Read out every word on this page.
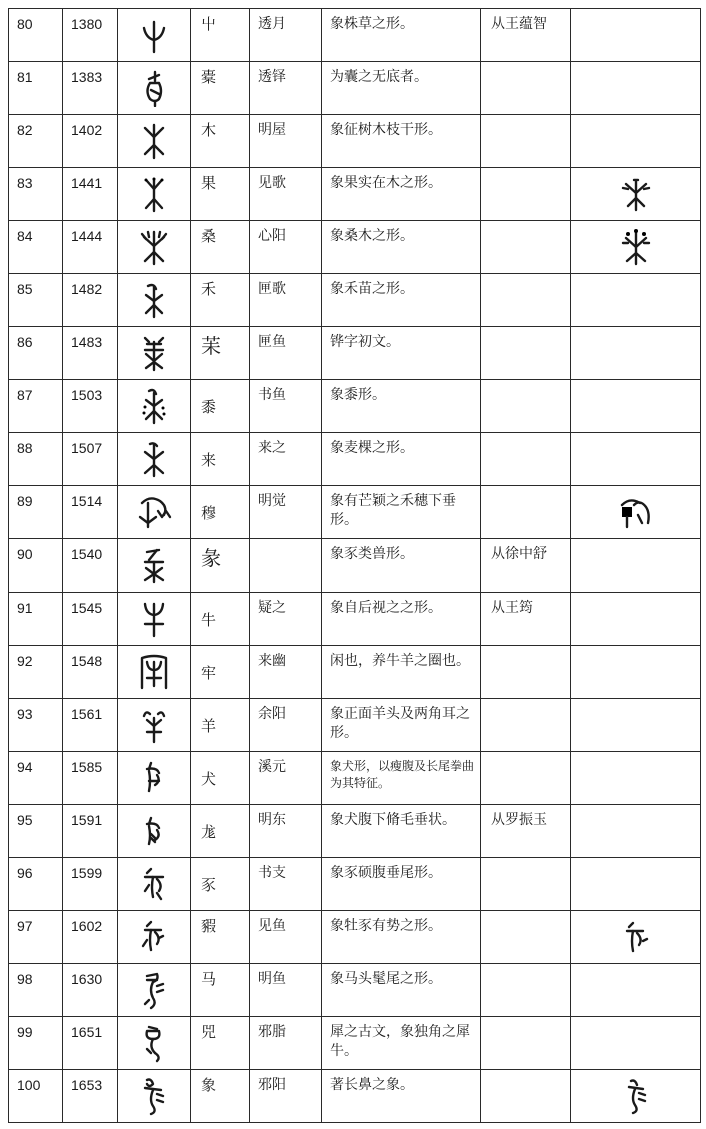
80	1380		屮	透月	象株草之形。	从王蕴智	
81	1383		橐	透铎	为囊之无底者。		
82	1402		木	明屋	象征树木枝干形。		
83	1441		果	见歌	象果实在木之形。		

84	1444		桑	心阳	象桑木之形。		

85	1482		禾	匣歌	象禾苗之形。		
86	1483		苿	匣鱼	铧字初文。		
87	1503		黍	书鱼	象黍形。		
88	1507		来	来之	象麦棵之形。		
89	1514		穆	明觉	象有芒颖之禾穗下垂形。		

90	1540		彖		象豕类兽形。	从徐中舒	
91	1545		牛	疑之	象自后视之之形。	从王筠	
92	1548		牢	来幽	闲也，养牛羊之圈也。		
93	1561		羊	余阳	象正面羊头及两角耳之形。		
94	1585		犬	溪元	象犬形，以瘦腹及长尾拳曲为其特征。		
95	1591		尨	明东	象犬腹下脩毛垂状。	从罗振玉	
96	1599		豕	书支	象豕硕腹垂尾形。		
97	1602		豭	见鱼	象牡豕有势之形。		

98	1630		马	明鱼	象马头髦尾之形。		
99	1651		兕	邪脂	犀之古文，象独角之犀牛。		
100	1653		象	邪阳	著长鼻之象。		
